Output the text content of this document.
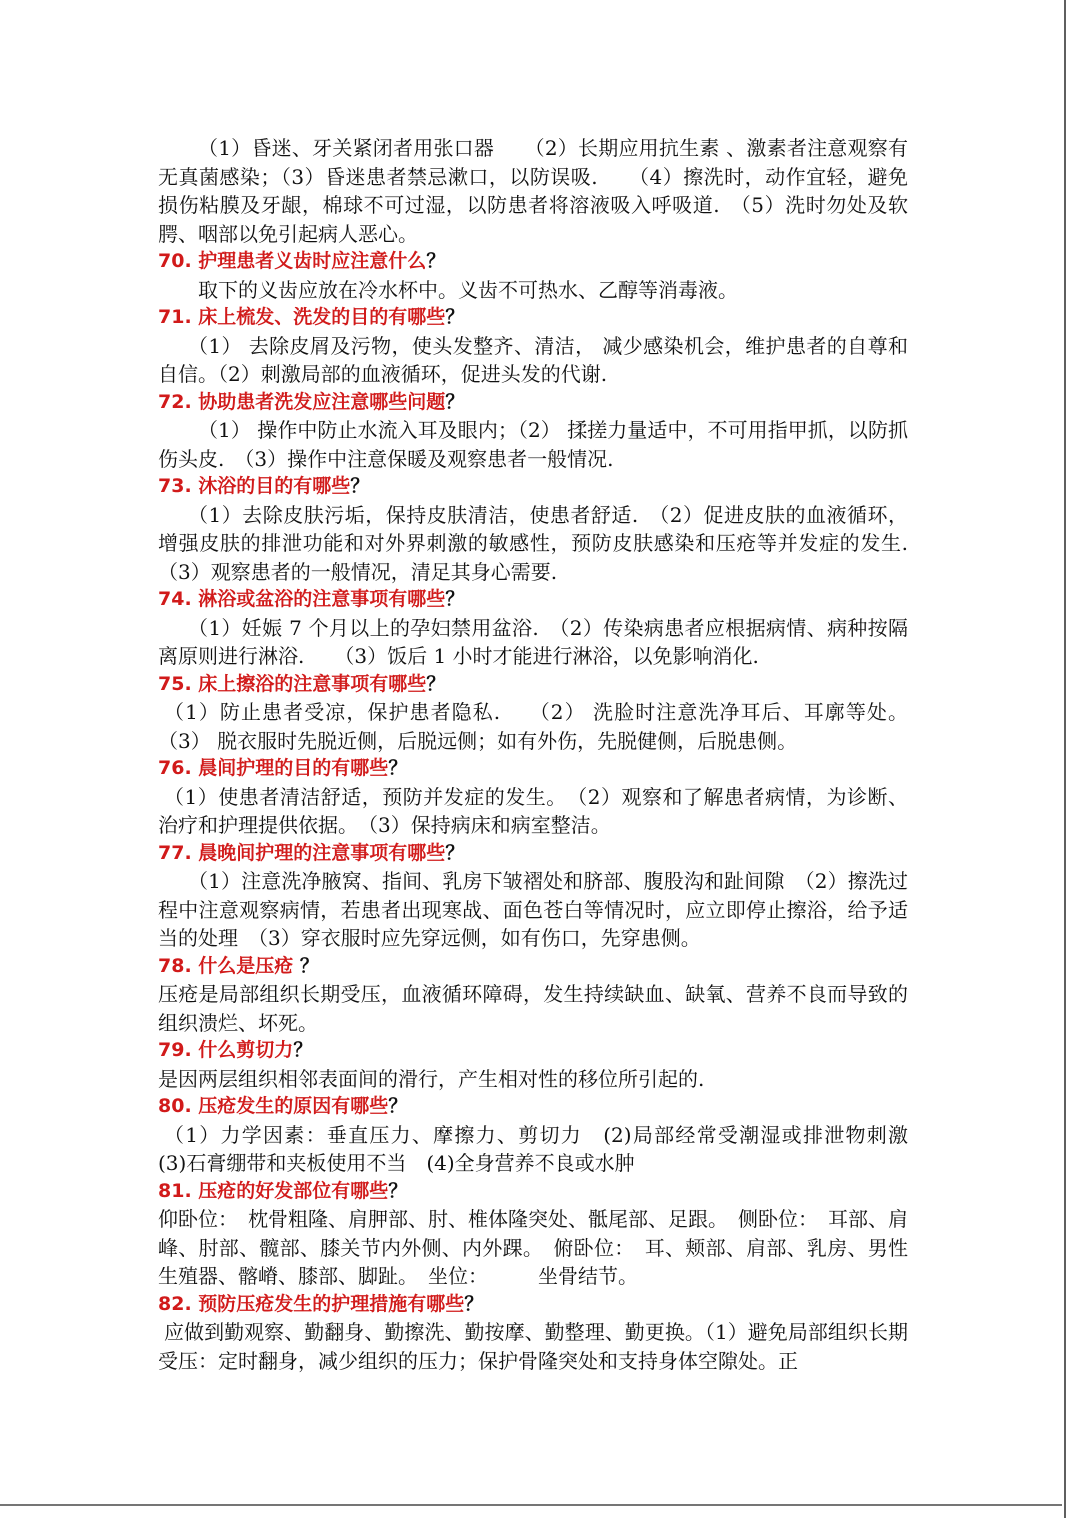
（1）昏迷、牙关紧闭者用张口器　　（2）长期应用抗生素 、激素者注意观察有无真菌感染；（3）昏迷患者禁忌漱口，以防误吸.　　（4）擦洗时，动作宜轻，避免损伤粘膜及牙龈，棉球不可过湿，以防患者将溶液吸入呼吸道.　（5）洗时勿处及软腭、咽部以免引起病人恶心。

70. 护理患者义齿时应注意什么？

取下的义齿应放在冷水杯中。义齿不可热水、乙醇等消毒液。

71. 床上梳发、洗发的目的有哪些？

（1） 去除皮屑及污物，使头发整齐、清洁， 减少感染机会，维护患者的自尊和自信。（2）刺激局部的血液循环，促进头发的代谢.

72. 协助患者洗发应注意哪些问题？

（1） 操作中防止水流入耳及眼内；（2） 揉搓力量适中，不可用指甲抓，以防抓伤头皮.　（3）操作中注意保暖及观察患者一般情况.

73. 沐浴的目的有哪些？

（1）去除皮肤污垢，保持皮肤清洁，使患者舒适.　（2）促进皮肤的血液循环，增强皮肤的排泄功能和对外界刺激的敏感性，预防皮肤感染和压疮等并发症的发生.　（3）观察患者的一般情况，清足其身心需要.

74. 淋浴或盆浴的注意事项有哪些？

（1）妊娠 7 个月以上的孕妇禁用盆浴.　（2）传染病患者应根据病情、病种按隔离原则进行淋浴.　　（3）饭后 1 小时才能进行淋浴，以免影响消化.

75. 床上擦浴的注意事项有哪些？

（1）防止患者受凉，保护患者隐私.　 （2） 洗脸时注意洗净耳后、耳廓等处。（3） 脱衣服时先脱近侧，后脱远侧；如有外伤，先脱健侧，后脱患侧。

76. 晨间护理的目的有哪些？

（1）使患者清洁舒适，预防并发症的发生。　（2）观察和了解患者病情，为诊断、治疗和护理提供依据。　（3）保持病床和病室整洁。

77. 晨晚间护理的注意事项有哪些？

（1）注意洗净腋窝、指间、乳房下皱褶处和脐部、腹股沟和趾间隙　（2）擦洗过程中注意观察病情，若患者出现寒战、面色苍白等情况时，应立即停止擦浴，给予适当的处理　（3）穿衣服时应先穿远侧，如有伤口，先穿患侧。

78. 什么是压疮 ？

压疮是局部组织长期受压，血液循环障碍，发生持续缺血、缺氧、营养不良而导致的组织溃烂、坏死。

79. 什么剪切力？

是因两层组织相邻表面间的滑行，产生相对性的移位所引起的.

80. 压疮发生的原因有哪些？

（1）力学因素：垂直压力、摩擦力、剪切力　(2)局部经常受潮湿或排泄物刺激　(3)石膏绷带和夹板使用不当　(4)全身营养不良或水肿

81. 压疮的好发部位有哪些？

仰卧位：　枕骨粗隆、肩胛部、肘、椎体隆突处、骶尾部、足跟。　侧卧位：　耳部、肩峰、肘部、髋部、膝关节内外侧、内外踝。　俯卧位：　耳、颊部、肩部、乳房、男性生殖器、髂嵴、膝部、脚趾。　坐位：　　　坐骨结节。

82. 预防压疮发生的护理措施有哪些？

应做到勤观察、勤翻身、勤擦洗、勤按摩、勤整理、勤更换。（1）避免局部组织长期受压：定时翻身，减少组织的压力；保护骨隆突处和支持身体空隙处。正
